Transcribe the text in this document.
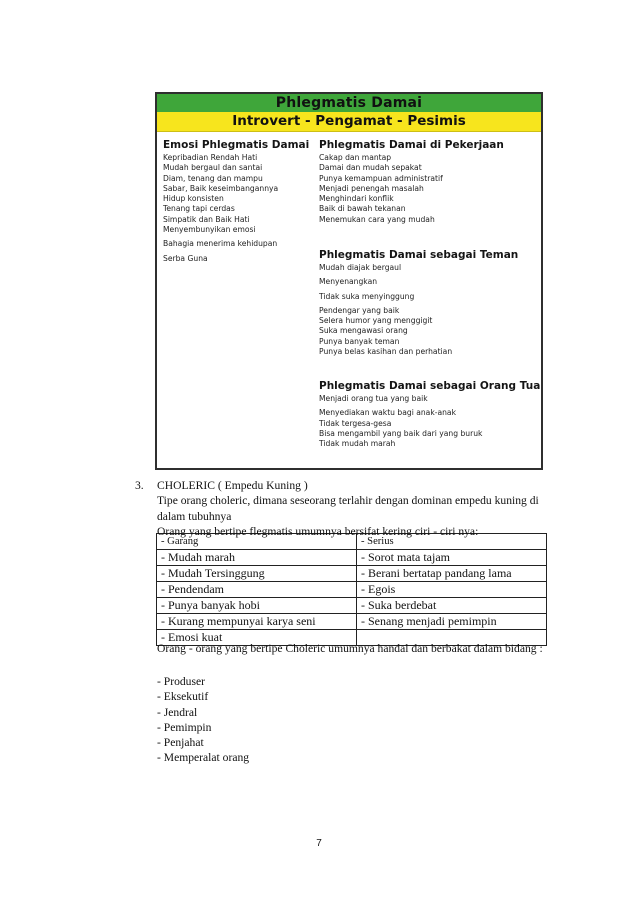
Phlegmatis Damai
Introvert - Pengamat - Pesimis
Emosi Phlegmatis Damai
Kepribadian Rendah Hati
Mudah bergaul dan santai
Diam, tenang dan mampu
Sabar, Baik keseimbangannya
Hidup konsisten
Tenang tapi cerdas
Simpatik dan Baik Hati
Menyembunyikan emosi
Bahagia menerima kehidupan
Serba Guna
Phlegmatis Damai di Pekerjaan
Cakap dan mantap
Damai dan mudah sepakat
Punya kemampuan administratif
Menjadi penengah masalah
Menghindari konflik
Baik di bawah tekanan
Menemukan cara yang mudah
Phlegmatis Damai sebagai Teman
Mudah diajak bergaul
Menyenangkan
Tidak suka menyinggung
Pendengar yang baik
Selera humor yang menggigit
Suka mengawasi orang
Punya banyak teman
Punya belas kasihan dan perhatian
Phlegmatis Damai sebagai Orang Tua
Menjadi orang tua yang baik
Menyediakan waktu bagi anak-anak
Tidak tergesa-gesa
Bisa mengambil yang baik dari yang buruk
Tidak mudah marah
3. CHOLERIC ( Empedu Kuning )
Tipe orang choleric, dimana seseorang terlahir dengan dominan empedu kuning di dalam tubuhnya
- Garang	- Serius
- Mudah marah	- Sorot mata tajam
- Mudah Tersinggung	- Berani bertatap pandang lama
- Pendendam	- Egois
- Punya banyak hobi	- Suka berdebat
- Kurang mempunyai karya seni	- Senang menjadi pemimpin
- Emosi kuat	
Orang yang bertipe flegmatis umumnya bersifat kering ciri - ciri nya:
Orang - orang yang bertipe Choleric umumnya handal dan berbakat dalam bidang :
- Produser
- Eksekutif
- Jendral
- Pemimpin
- Penjahat
- Memperalat orang
7
